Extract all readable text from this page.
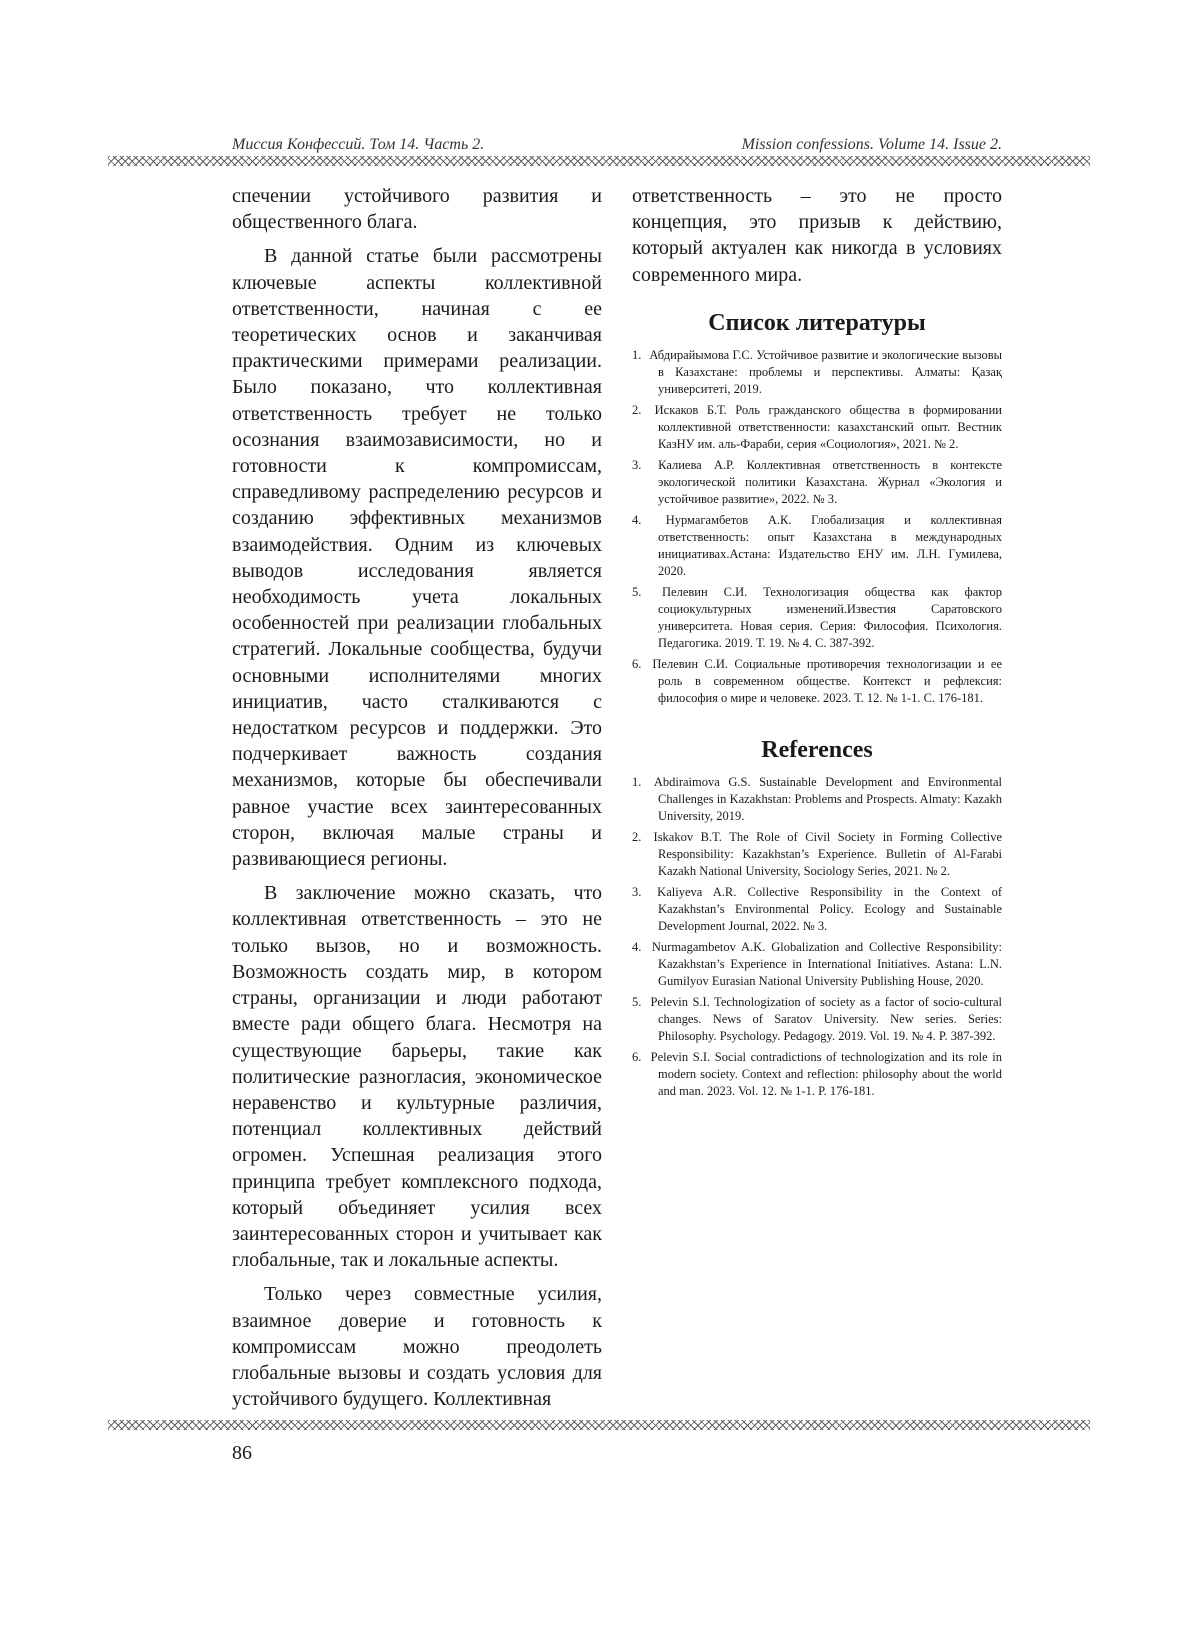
Миссия Конфессий. Том 14. Часть 2.	Mission confessions. Volume 14. Issue 2.

спечении устойчивого развития и общественного блага.

В данной статье были рассмотрены ключевые аспекты коллективной ответственности, начиная с ее теоретических основ и заканчивая практическими примерами реализации. Было показано, что коллективная ответственность требует не только осознания взаимозависимости, но и готовности к компромиссам, справедливому распределению ресурсов и созданию эффективных механизмов взаимодействия. Одним из ключевых выводов исследования является необходимость учета локальных особенностей при реализации глобальных стратегий. Локальные сообщества, будучи основными исполнителями многих инициатив, часто сталкиваются с недостатком ресурсов и поддержки. Это подчеркивает важность создания механизмов, которые бы обеспечивали равное участие всех заинтересованных сторон, включая малые страны и развивающиеся регионы.

В заключение можно сказать, что коллективная ответственность – это не только вызов, но и возможность. Возможность создать мир, в котором страны, организации и люди работают вместе ради общего блага. Несмотря на существующие барьеры, такие как политические разногласия, экономическое неравенство и культурные различия, потенциал коллективных действий огромен. Успешная реализация этого принципа требует комплексного подхода, который объединяет усилия всех заинтересованных сторон и учитывает как глобальные, так и локальные аспекты.

Только через совместные усилия, взаимное доверие и готовность к компромиссам можно преодолеть глобальные вызовы и создать условия для устойчивого будущего. Коллективная

ответственность – это не просто концепция, это призыв к действию, который актуален как никогда в условиях современного мира.

Список литературы
1. Абдирайымова Г.С. Устойчивое развитие и экологические вызовы в Казахстане: проблемы и перспективы. Алматы: Қазақ университеті, 2019.
2. Искаков Б.Т. Роль гражданского общества в формировании коллективной ответственности: казахстанский опыт. Вестник КазНУ им. аль-Фараби, серия «Социология», 2021. № 2.
3. Калиева А.Р. Коллективная ответственность в контексте экологической политики Казахстана. Журнал «Экология и устойчивое развитие», 2022. № 3.
4. Нурмагамбетов А.К. Глобализация и коллективная ответственность: опыт Казахстана в международных инициативах.Астана: Издательство ЕНУ им. Л.Н. Гумилева, 2020.
5. Пелевин С.И. Технологизация общества как фактор социокультурных изменений.Известия Саратовского университета. Новая серия. Серия: Философия. Психология. Педагогика. 2019. Т. 19. № 4. С. 387-392.
6. Пелевин С.И. Социальные противоречия технологизации и ее роль в современном обществе. Контекст и рефлексия: философия о мире и человеке. 2023. Т. 12. № 1-1. С. 176-181.
References
1. Abdiraimova G.S. Sustainable Development and Environmental Challenges in Kazakhstan: Problems and Prospects. Almaty: Kazakh University, 2019.
2. Iskakov B.T. The Role of Civil Society in Forming Collective Responsibility: Kazakhstan’s Experience. Bulletin of Al-Farabi Kazakh National University, Sociology Series, 2021. № 2.
3. Kaliyeva A.R. Collective Responsibility in the Context of Kazakhstan’s Environmental Policy. Ecology and Sustainable Development Journal, 2022. № 3.
4. Nurmagambetov A.K. Globalization and Collective Responsibility: Kazakhstan’s Experience in International Initiatives. Astana: L.N. Gumilyov Eurasian National University Publishing House, 2020.
5. Pelevin S.I. Technologization of society as a factor of socio-cultural changes. News of Saratov University. New series. Series: Philosophy. Psychology. Pedagogy. 2019. Vol. 19. № 4. P. 387-392.
6. Pelevin S.I. Social contradictions of technologization and its role in modern society. Context and reflection: philosophy about the world and man. 2023. Vol. 12. № 1-1. P. 176-181.
86
